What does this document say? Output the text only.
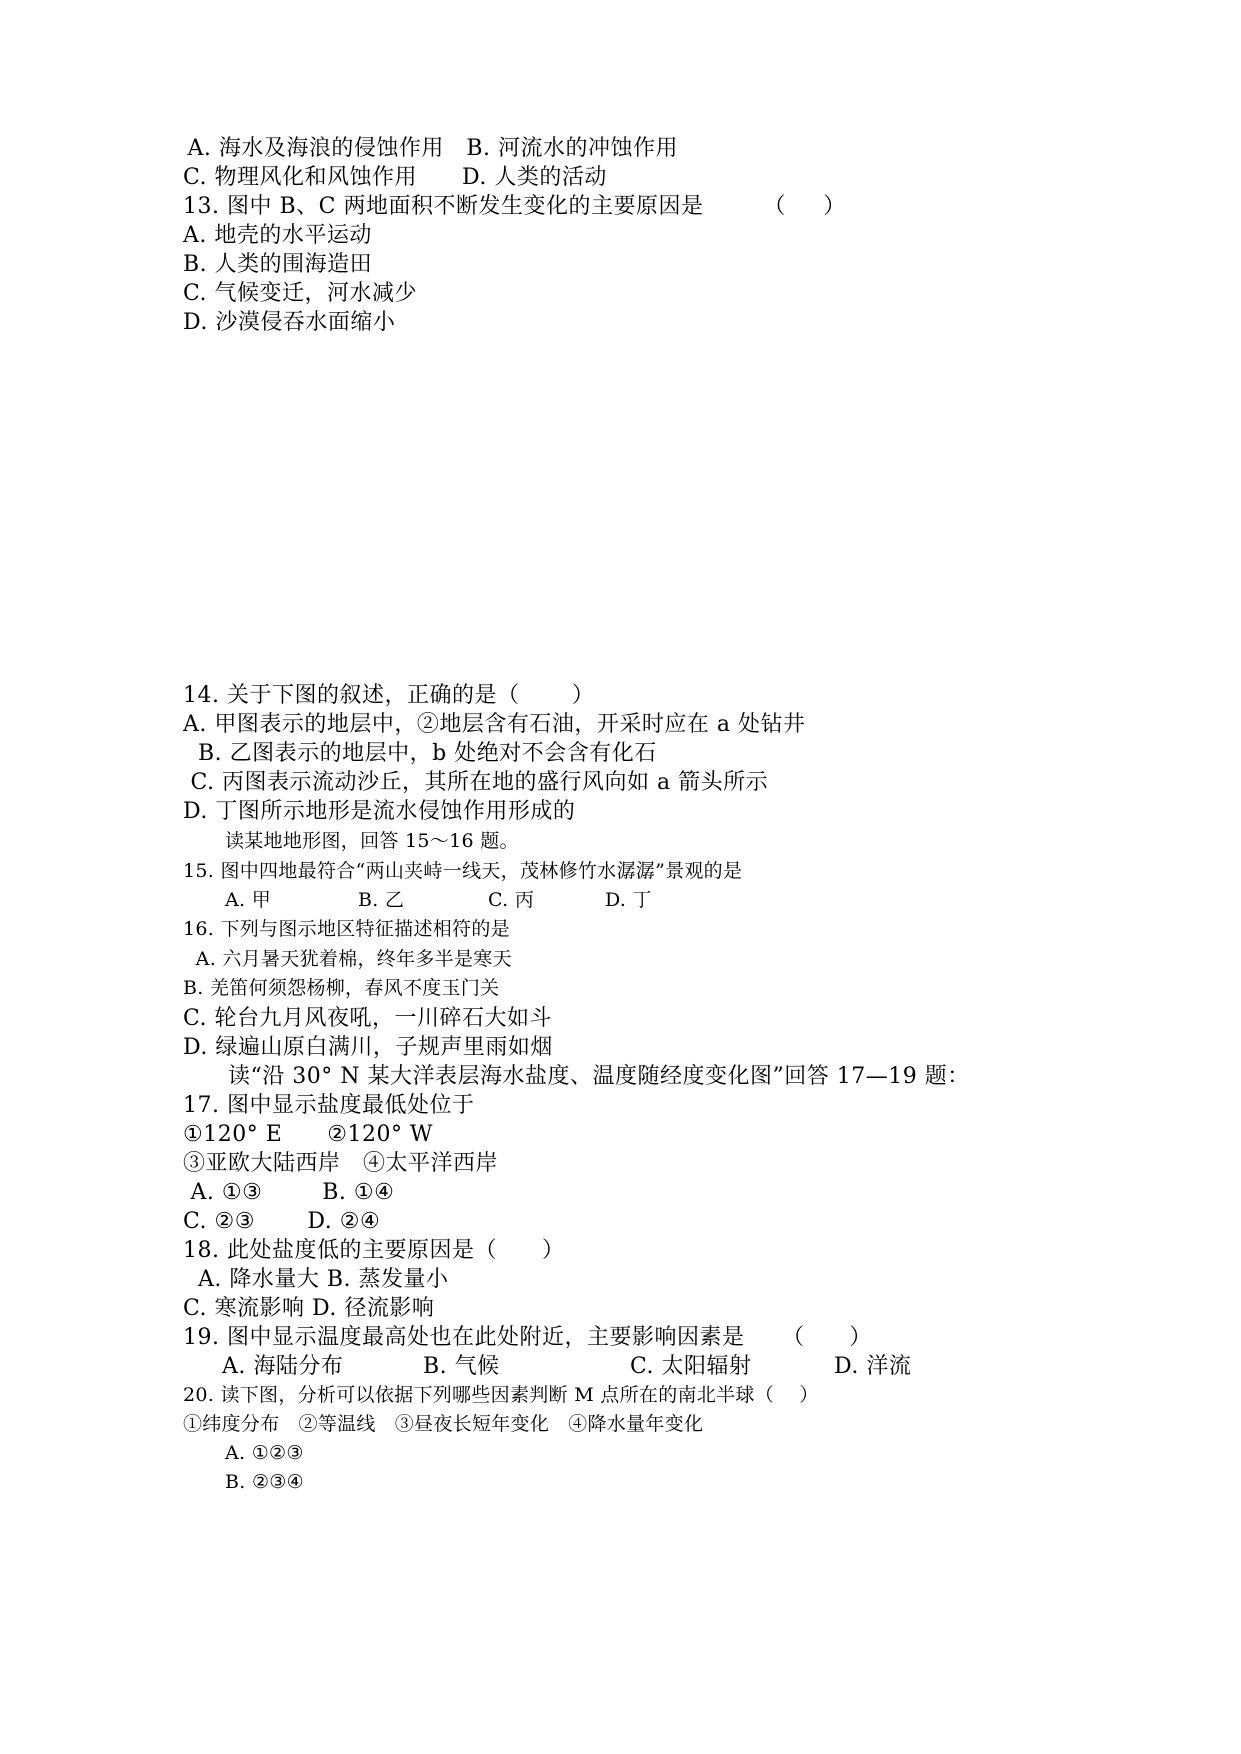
A. 海水及海浪的侵蚀作用   B. 河流水的冲蚀作用
C. 物理风化和风蚀作用      D. 人类的活动
13. 图中 B、C 两地面积不断发生变化的主要原因是        （     ）
A. 地壳的水平运动
B. 人类的围海造田
C. 气候变迁，河水减少
D. 沙漠侵吞水面缩小
14. 关于下图的叙述，正确的是（       ）
A. 甲图表示的地层中，②地层含有石油，开采时应在 a 处钻井
B. 乙图表示的地层中，b 处绝对不会含有化石
C. 丙图表示流动沙丘，其所在地的盛行风向如 a 箭头所示
D. 丁图所示地形是流水侵蚀作用形成的
读某地地形图，回答 15～16 题。
15. 图中四地最符合“两山夹峙一线天，茂林修竹水潺潺”景观的是
A. 甲	B. 乙	C. 丙	D. 丁
16. 下列与图示地区特征描述相符的是
A. 六月暑天犹着棉，终年多半是寒天
B. 羌笛何须怨杨柳，春风不度玉门关
C. 轮台九月风夜吼，一川碎石大如斗
D. 绿遍山原白满川，子规声里雨如烟
读“沿 30° N 某大洋表层海水盐度、温度随经度变化图”回答 17—19 题：
17. 图中显示盐度最低处位于
①120° E      ②120° W
③亚欧大陆西岸   ④太平洋西岸
A. ①③        B. ①④
C. ②③       D. ②④
18. 此处盐度低的主要原因是（      ）
A. 降水量大 B. 蒸发量小
C. 寒流影响 D. 径流影响
19. 图中显示温度最高处也在此处附近，主要影响因素是     （      ）
A. 海陆分布	B. 气候	C. 太阳辐射	D. 洋流
20. 读下图，分析可以依据下列哪些因素判断 M 点所在的南北半球（    ）
①纬度分布   ②等温线   ③昼夜长短年变化   ④降水量年变化
A. ①②③
B. ②③④
